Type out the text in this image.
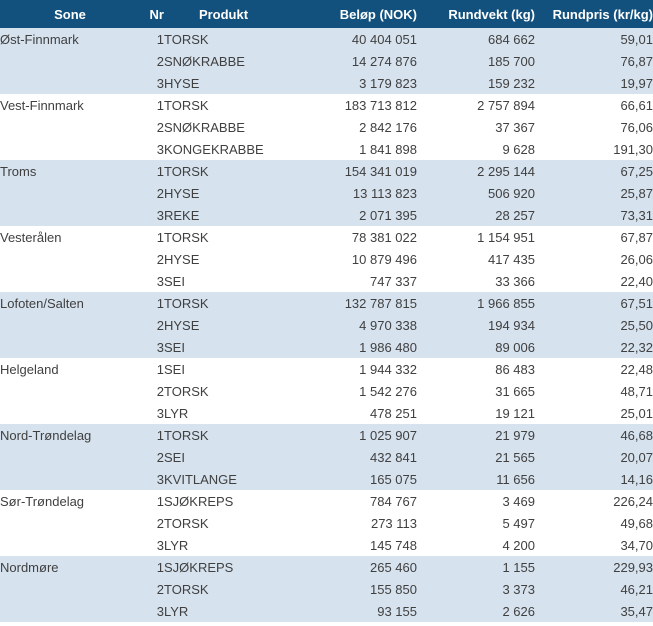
Sone	Nr	Produkt	Beløp (NOK)	Rundvekt (kg)	Rundpris (kr/kg)
Øst-Finnmark	1	TORSK	40 404 051	684 662	59,01
	2	SNØKRABBE	14 274 876	185 700	76,87
	3	HYSE	3 179 823	159 232	19,97
Vest-Finnmark	1	TORSK	183 713 812	2 757 894	66,61
	2	SNØKRABBE	2 842 176	37 367	76,06
	3	KONGEKRABBE	1 841 898	9 628	191,30
Troms	1	TORSK	154 341 019	2 295 144	67,25
	2	HYSE	13 113 823	506 920	25,87
	3	REKE	2 071 395	28 257	73,31
Vesterålen	1	TORSK	78 381 022	1 154 951	67,87
	2	HYSE	10 879 496	417 435	26,06
	3	SEI	747 337	33 366	22,40
Lofoten/Salten	1	TORSK	132 787 815	1 966 855	67,51
	2	HYSE	4 970 338	194 934	25,50
	3	SEI	1 986 480	89 006	22,32
Helgeland	1	SEI	1 944 332	86 483	22,48
	2	TORSK	1 542 276	31 665	48,71
	3	LYR	478 251	19 121	25,01
Nord-Trøndelag	1	TORSK	1 025 907	21 979	46,68
	2	SEI	432 841	21 565	20,07
	3	KVITLANGE	165 075	11 656	14,16
Sør-Trøndelag	1	SJØKREPS	784 767	3 469	226,24
	2	TORSK	273 113	5 497	49,68
	3	LYR	145 748	4 200	34,70
Nordmøre	1	SJØKREPS	265 460	1 155	229,93
	2	TORSK	155 850	3 373	46,21
	3	LYR	93 155	2 626	35,47
